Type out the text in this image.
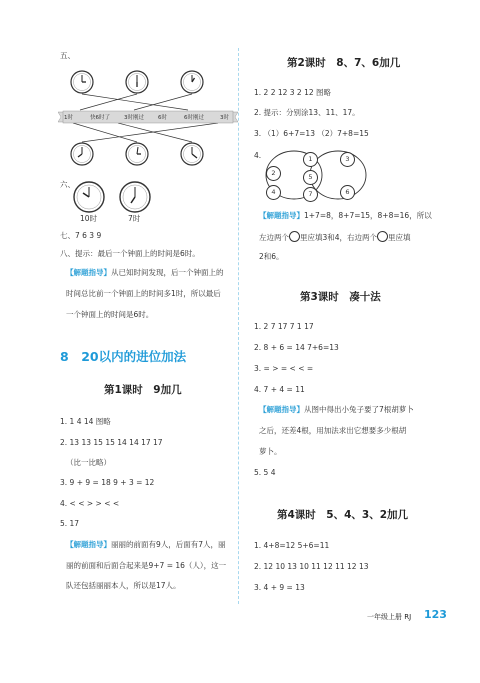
五、
1时	快6时了	3时刚过	6时	6时刚过	3时
六、
10时	7时
七、7 6 3 9
八、提示：最后一个钟面上的时间是6时。
【解题指导】从已知时间发现，后一个钟面上的
时间总比前一个钟面上的时间多1时，所以最后
一个钟面上的时间是6时。
8　20以内的进位加法
第1课时　9加几
1. 1 4 14 图略
2. 13 13 15 15 14 14 17 17
（比一比略）
3. 9 + 9 = 18 9 + 3 = 12
4. < < > > < <
5. 17
【解题指导】丽丽的前面有9人，后面有7人，丽
丽的前面和后面合起来是9+7 = 16（人），这一
队还包括丽丽本人，所以是17人。
第2课时　8、7、6加几
1. 2 2 12 3 2 12 图略
2. 提示：分别涂13、11、17。
3. （1）6+7=13 （2）7+8=15
4.	1
2
3
4
5
6
7
【解题指导】1+7=8，8+7=15，8+8=16，所以
左边两个 里应填3和4，右边两个 里应填
2和6。
第3课时　凑十法
1. 2 7 17 7 1 17
2. 8 + 6 = 14 7+6=13
3. = > = < < =
4. 7 + 4 = 11
【解题指导】从图中得出小兔子要了7根胡萝卜
之后，还差4根，用加法求出它想要多少根胡
萝卜。
5. 5 4
第4课时　5、4、3、2加几
1. 4+8=12 5+6=11
2. 12 10 13 10 11 12 11 12 13
3. 4 + 9 = 13
一年级上册 RJ 123
